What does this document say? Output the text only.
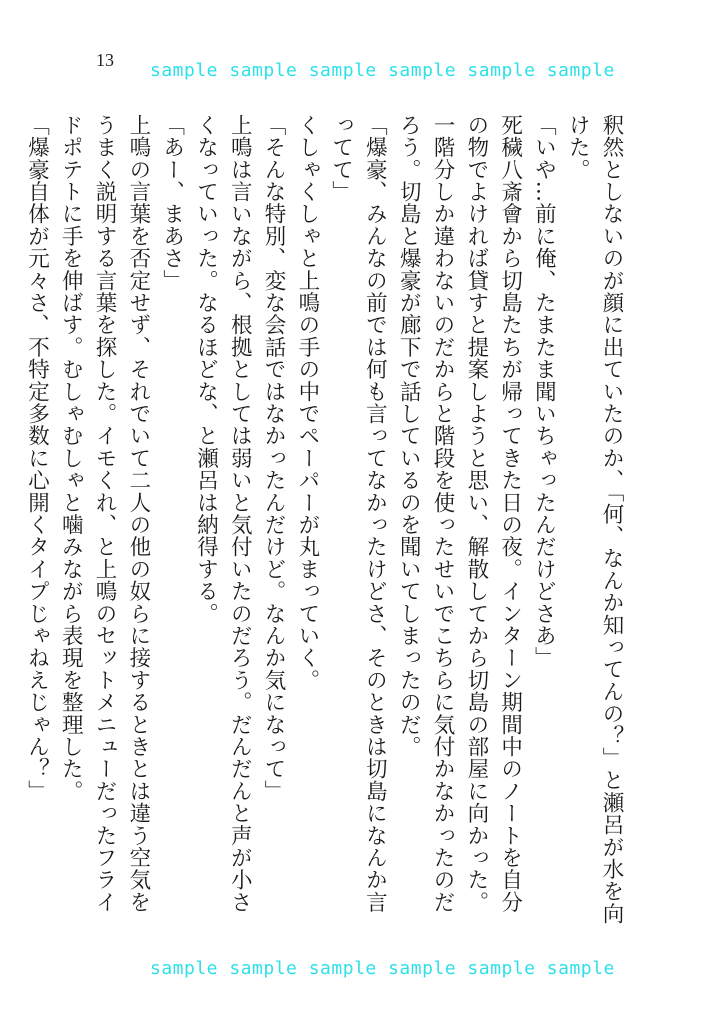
13 sample sample sample sample sample sample

釈然としないのが顔に出ていたのか、「何、なんか知ってんの？」と瀬呂が水を向けた。

「いや…前に俺、たまたま聞いちゃったんだけどさあ」

死穢八斎會から切島たちが帰ってきた日の夜。インターン期間中のノートを自分の物でよければ貸すと提案しようと思い、解散してから切島の部屋に向かった。一階分しか違わないのだからと階段を使ったせいでこちらに気付かなかったのだろう。切島と爆豪が廊下で話しているのを聞いてしまったのだ。

「爆豪、みんなの前では何も言ってなかったけどさ、そのときは切島になんか言ってて」

くしゃくしゃと上鳴の手の中でペーパーが丸まっていく。

「そんな特別、変な会話ではなかったんだけど。なんか気になって」

上鳴は言いながら、根拠としては弱いと気付いたのだろう。だんだんと声が小さくなっていった。なるほどな、と瀬呂は納得する。

「あー、まあさ」

上鳴の言葉を否定せず、それでいて二人の他の奴らに接するときとは違う空気をうまく説明する言葉を探した。イモくれ、と上鳴のセットメニューだったフライドポテトに手を伸ばす。むしゃむしゃと噛みながら表現を整理した。

「爆豪自体が元々さ、不特定多数に心開くタイプじゃねえじゃん？」

sample sample sample sample sample sample
